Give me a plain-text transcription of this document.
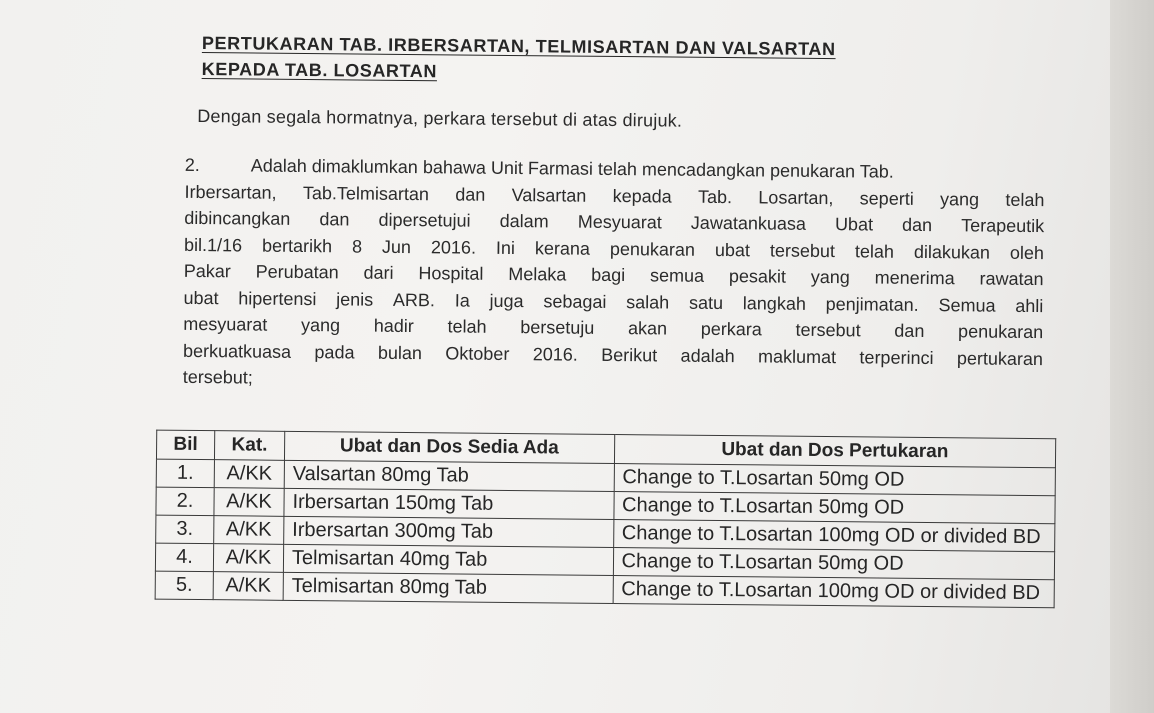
PERTUKARAN TAB. IRBERSARTAN, TELMISARTAN DAN VALSARTAN
KEPADA TAB. LOSARTAN
Dengan segala hormatnya, perkara tersebut di atas dirujuk.
2.	Adalah dimaklumkan bahawa Unit Farmasi telah mencadangkan penukaran Tab.
Irbersartan, Tab.Telmisartan dan Valsartan kepada Tab. Losartan, seperti yang telah
dibincangkan dan dipersetujui dalam Mesyuarat Jawatankuasa Ubat dan Terapeutik
bil.1/16 bertarikh 8 Jun 2016. Ini kerana penukaran ubat tersebut telah dilakukan oleh
Pakar Perubatan dari Hospital Melaka bagi semua pesakit yang menerima rawatan
ubat hipertensi jenis ARB. Ia juga sebagai salah satu langkah penjimatan. Semua ahli
mesyuarat yang hadir telah bersetuju akan perkara tersebut dan penukaran
berkuatkuasa pada bulan Oktober 2016. Berikut adalah maklumat terperinci pertukaran
tersebut;
Bil	Kat.	Ubat dan Dos Sedia Ada	Ubat dan Dos Pertukaran
1.	A/KK	Valsartan 80mg Tab	Change to T.Losartan 50mg OD
2.	A/KK	Irbersartan 150mg Tab	Change to T.Losartan 50mg OD
3.	A/KK	Irbersartan 300mg Tab	Change to T.Losartan 100mg OD or divided BD
4.	A/KK	Telmisartan 40mg Tab	Change to T.Losartan 50mg OD
5.	A/KK	Telmisartan 80mg Tab	Change to T.Losartan 100mg OD or divided BD
